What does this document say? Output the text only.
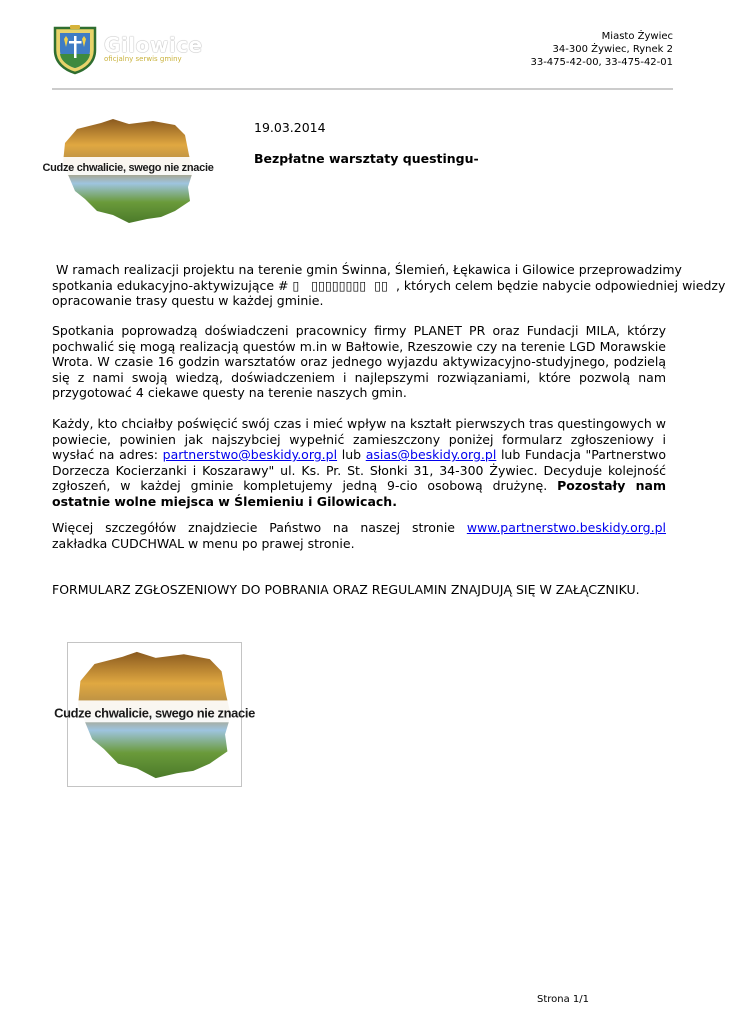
Gilowice
oficjalny serwis gminy
Miasto Żywiec
34-300 Żywiec, Rynek 2
33-475-42-00, 33-475-42-01
Cudze chwalicie, swego nie znacie
19.03.2014
Bezpłatne warsztaty questingu-
W ramach realizacji projektu na terenie gmin Świnna, Ślemień, Łękawica i Gilowice przeprowadzimy
spotkania edukacyjno-aktywizujące # ▯   ▯▯▯▯▯▯▯▯  ▯▯  , których celem będzie nabycie odpowiedniej wiedzy
opracowanie trasy questu w każdej gminie.
Spotkania poprowadzą doświadczeni pracownicy firmy PLANET PR oraz Fundacji MILA, którzy pochwalić się mogą realizacją questów m.in w Bałtowie, Rzeszowie czy na terenie LGD Morawskie Wrota. W czasie 16 godzin warsztatów oraz jednego wyjazdu aktywizacyjno-studyjnego, podzielą się z nami swoją wiedzą, doświadczeniem i najlepszymi rozwiązaniami, które pozwolą nam przygotować 4 ciekawe questy na terenie naszych gmin.
Każdy, kto chciałby poświęcić swój czas i mieć wpływ na kształt pierwszych tras questingowych w powiecie, powinien jak najszybciej wypełnić zamieszczony poniżej formularz zgłoszeniowy i wysłać na adres: partnerstwo@beskidy.org.pl lub asias@beskidy.org.pl lub Fundacja "Partnerstwo Dorzecza Kocierzanki i Koszarawy" ul. Ks. Pr. St. Słonki 31, 34-300 Żywiec. Decyduje kolejność zgłoszeń, w każdej gminie kompletujemy jedną 9-cio osobową drużynę. Pozostały nam ostatnie wolne miejsca w Ślemieniu i Gilowicach.
Więcej szczegółów znajdziecie Państwo na naszej stronie www.partnerstwo.beskidy.org.pl zakładka CUDCHWAL w menu po prawej stronie.
FORMULARZ ZGŁOSZENIOWY DO POBRANIA ORAZ REGULAMIN ZNAJDUJĄ SIĘ W ZAŁĄCZNIKU.
Cudze chwalicie, swego nie znacie
Strona 1/1
